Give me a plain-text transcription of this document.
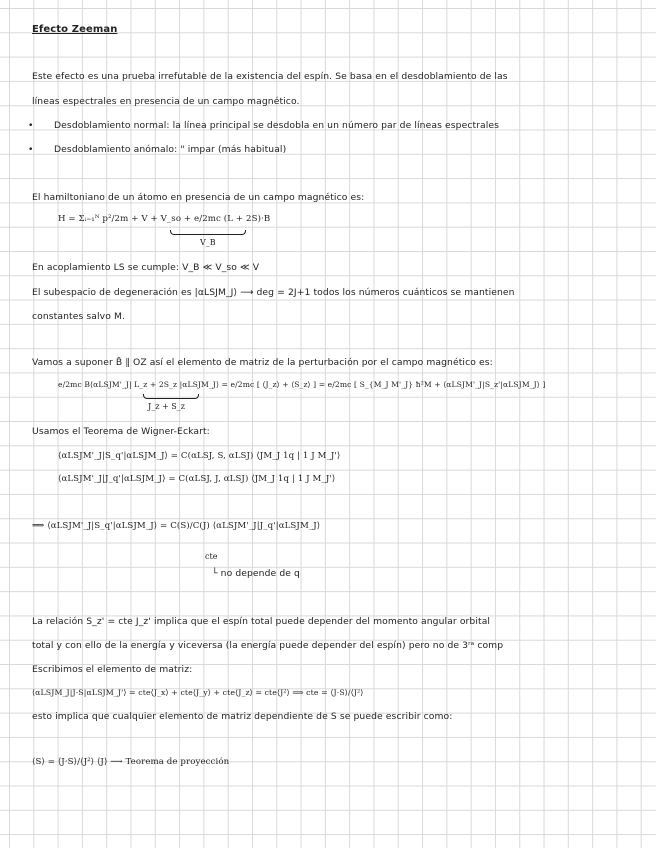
Efecto Zeeman
Este efecto es una prueba irrefutable de la existencia del espín. Se basa en el desdoblamiento de las
líneas espectrales en presencia de un campo magnético.
• Desdoblamiento normal: la línea principal se desdobla en un número par de líneas espectrales
• Desdoblamiento anómalo: " impar (más habitual)
El hamiltoniano de un átomo en presencia de un campo magnético es:
H = Σᵢ₌₁ᴺ p²/2m + V + V_so + e/2mc (L + 2S)·B
V_B
En acoplamiento LS se cumple: V_B ≪ V_so ≪ V
El subespacio de degeneración es |αLSJM_J⟩ ⟶ deg = 2J+1 todos los números cuánticos se mantienen
constantes salvo M.
Vamos a suponer B̄ ∥ OZ así el elemento de matriz de la perturbación por el campo magnético es:
e/2mc B⟨αLSJM'_J| L_z + 2S_z |αLSJM_J⟩ = e/2mc [ ⟨J_z⟩ + ⟨S_z⟩ ] = e/2mc [ S_{M_J M'_J} ħ²M + ⟨αLSJM'_J|S_z'|αLSJM_J⟩ ]
J_z + S_z
Usamos el Teorema de Wigner-Eckart:
⟨αLSJM'_J|S_q'|αLSJM_J⟩ = C(αLSJ, S, αLSJ) ⟨JM_J 1q | 1 J M_J'⟩
⟨αLSJM'_J|J_q'|αLSJM_J⟩ = C(αLSJ, J, αLSJ) ⟨JM_J 1q | 1 J M_J'⟩
⟹ ⟨αLSJM'_J|S_q'|αLSJM_J⟩ = C(S)/C(J) ⟨αLSJM'_J|J_q'|αLSJM_J⟩
cte
└ no depende de q
La relación S_z' = cte J_z' implica que el espín total puede depender del momento angular orbital
total y con ello de la energía y viceversa (la energía puede depender del espín) pero no de 3ʳᵃ comp
Escribimos el elemento de matriz:
⟨αLSJM_J|J·S|αLSJM_J'⟩ = cte⟨J_x⟩ + cte⟨J_y⟩ + cte⟨J_z⟩ = cte⟨J²⟩ ⟹ cte = ⟨J·S⟩/⟨J²⟩
esto implica que cualquier elemento de matriz dependiente de S se puede escribir como:
⟨S⟩ = ⟨J·S⟩/⟨J²⟩ ⟨J⟩ ⟶ Teorema de proyección
